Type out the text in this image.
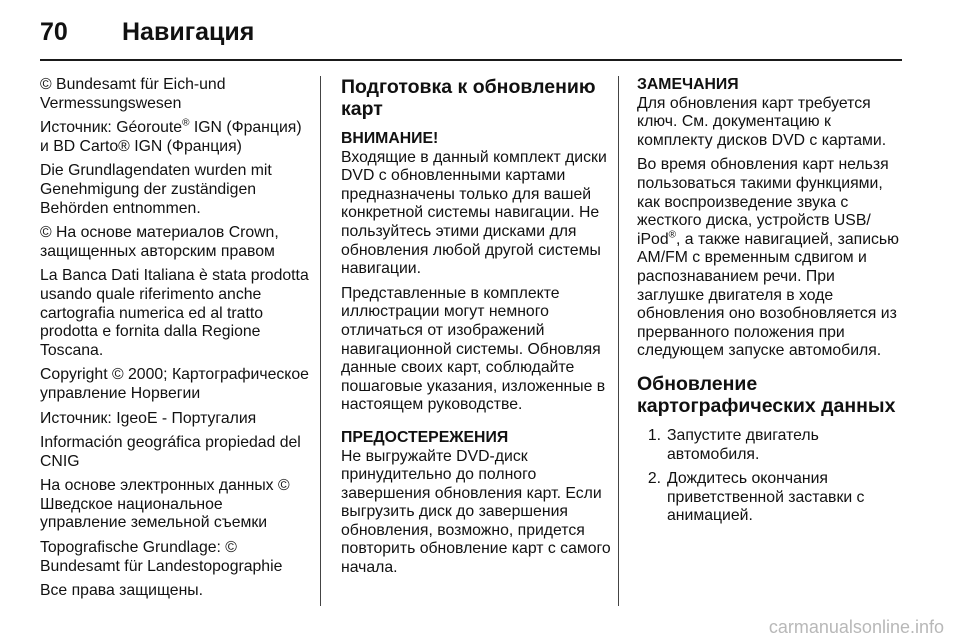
70	Навигация

© Bundesamt für Eich-und Vermessungswesen

Источник: Géoroute® IGN (Франция) и BD Carto® IGN (Франция)

Die Grundlagendaten wurden mit Genehmigung der zuständigen Behörden entnommen.

© На основе материалов Crown, защищенных авторским правом

La Banca Dati Italiana è stata prodotta usando quale riferimento anche cartografia numerica ed al tratto prodotta e fornita dalla Regione Toscana.

Copyright © 2000; Картографическое управление Норвегии

Источник: IgeoE - Португалия

Información geográfica propiedad del CNIG

На основе электронных данных © Шведское национальное управление земельной съемки

Topografische Grundlage: © Bundesamt für Landestopographie

Все права защищены.

Подготовка к обновлению карт
ВНИМАНИЕ!

Входящие в данный комплект диски DVD с обновленными картами предназначены только для вашей конкретной системы навигации. Не пользуйтесь этими дисками для обновления любой другой системы навигации.

Представленные в комплекте иллюстрации могут немного отличаться от изображений навигационной системы. Обновляя данные своих карт, соблюдайте пошаговые указания, изложенные в настоящем руководстве.

ПРЕДОСТЕРЕЖЕНИЯ

Не выгружайте DVD-диск принудительно до полного завершения обновления карт. Если выгрузить диск до завершения обновления, возможно, придется повторить обновление карт с самого начала.

ЗАМЕЧАНИЯ

Для обновления карт требуется ключ. См. документацию к комплекту дисков DVD с картами.

Во время обновления карт нельзя пользоваться такими функциями, как воспроизведение звука с жесткого диска, устройств USB/ iPod®, а также навигацией, записью AM/FM с временным сдвигом и распознаванием речи. При заглушке двигателя в ходе обновления оно возобновляется из прерванного положения при следующем запуске автомобиля.

Обновление картографических данных
1. Запустите двигатель автомобиля.
2. Дождитесь окончания приветственной заставки с анимацией.
carmanualsonline.info
